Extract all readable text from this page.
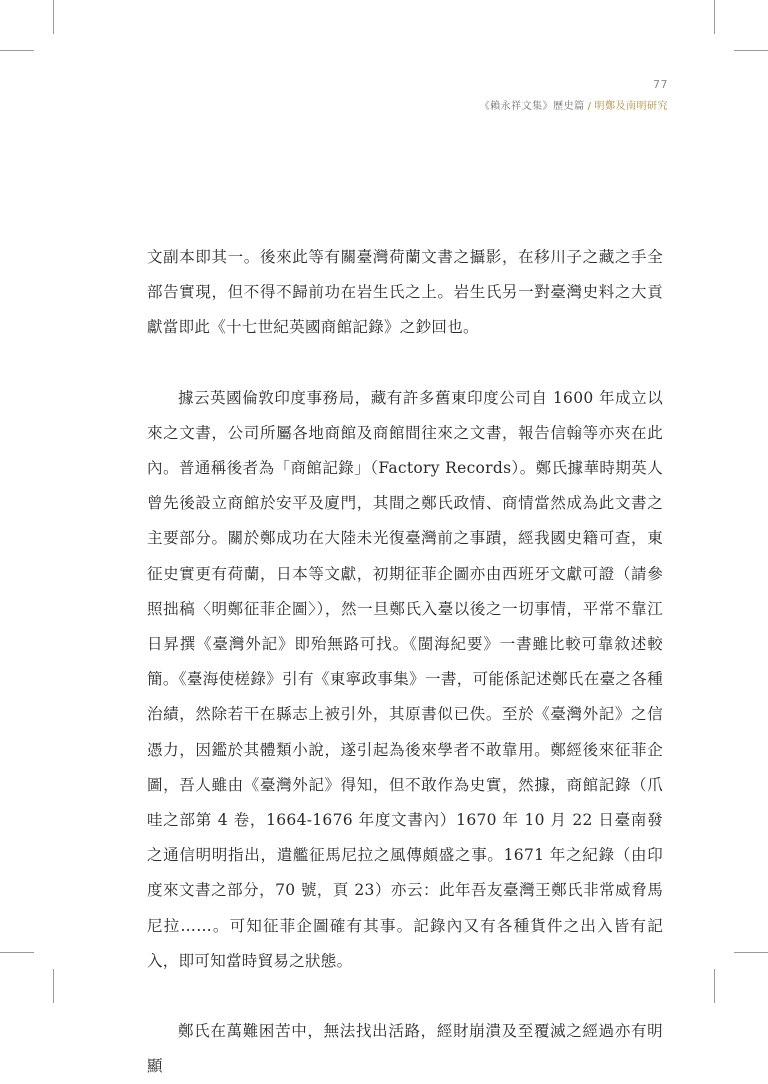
77
《賴永祥文集》歷史篇 / 明鄭及南明研究

文副本即其一。後來此等有關臺灣荷蘭文書之攝影，在移川子之藏之手全部告實現，但不得不歸前功在岩生氏之上。岩生氏另一對臺灣史料之大貢獻當即此《十七世紀英國商館記錄》之鈔回也。

據云英國倫敦印度事務局，藏有許多舊東印度公司自 1600 年成立以來之文書，公司所屬各地商館及商館間往來之文書，報告信翰等亦夾在此內。普通稱後者為「商館記錄」（Factory Records）。鄭氏據華時期英人曾先後設立商館於安平及廈門，其間之鄭氏政情、商情當然成為此文書之主要部分。關於鄭成功在大陸未光復臺灣前之事蹟，經我國史籍可查，東征史實更有荷蘭，日本等文獻，初期征菲企圖亦由西班牙文獻可證（請參照拙稿〈明鄭征菲企圖〉），然一旦鄭氏入臺以後之一切事情，平常不靠江日昇撰《臺灣外記》即殆無路可找。《閩海紀要》一書雖比較可靠敘述較簡。《臺海使槎錄》引有《東寧政事集》一書，可能係記述鄭氏在臺之各種治績，然除若干在縣志上被引外，其原書似已佚。至於《臺灣外記》之信憑力，因鑑於其體類小說，遂引起為後來學者不敢靠用。鄭經後來征菲企圖，吾人雖由《臺灣外記》得知，但不敢作為史實，然據，商館記錄（爪哇之部第 4 卷，1664-1676 年度文書內）1670 年 10 月 22 日臺南發之通信明明指出，遣艦征馬尼拉之風傳頗盛之事。1671 年之紀錄（由印度來文書之部分，70 號，頁 23）亦云：此年吾友臺灣王鄭氏非常威脅馬尼拉……。可知征菲企圖確有其事。記錄內又有各種貨件之出入皆有記入，即可知當時貿易之狀態。

鄭氏在萬難困苦中，無法找出活路，經財崩潰及至覆滅之經過亦有明顯
